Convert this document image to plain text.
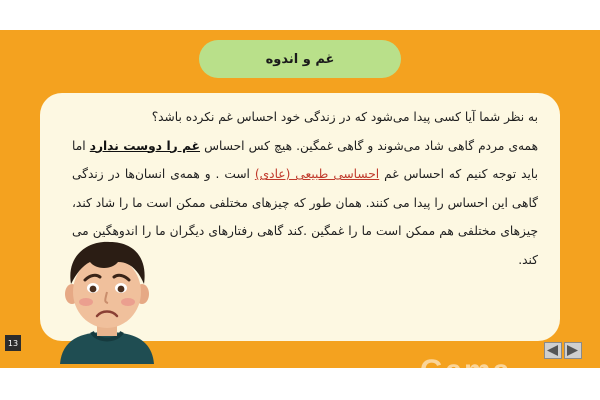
غم و اندوه

به نظر شما آیا کسی پیدا می‌شود که در زندگی خود احساس غم نکرده باشد؟

همه‌ی مردم گاهی شاد می‌شوند و گاهی غمگین. هیچ کس احساس غم را دوست ندارد اما باید توجه کنیم که احساس غم احساسی طبیعی (عادی) است . و همه‌ی انسان‌ها در زندگی گاهی این احساس را پیدا می کنند. همان طور که چیزهای مختلفی ممکن است ما را شاد کند، چیزهای مختلفی هم ممکن است ما را غمگین .کند گاهی رفتارهای دیگران ما را اندوهگین می کند.

13
Gama
